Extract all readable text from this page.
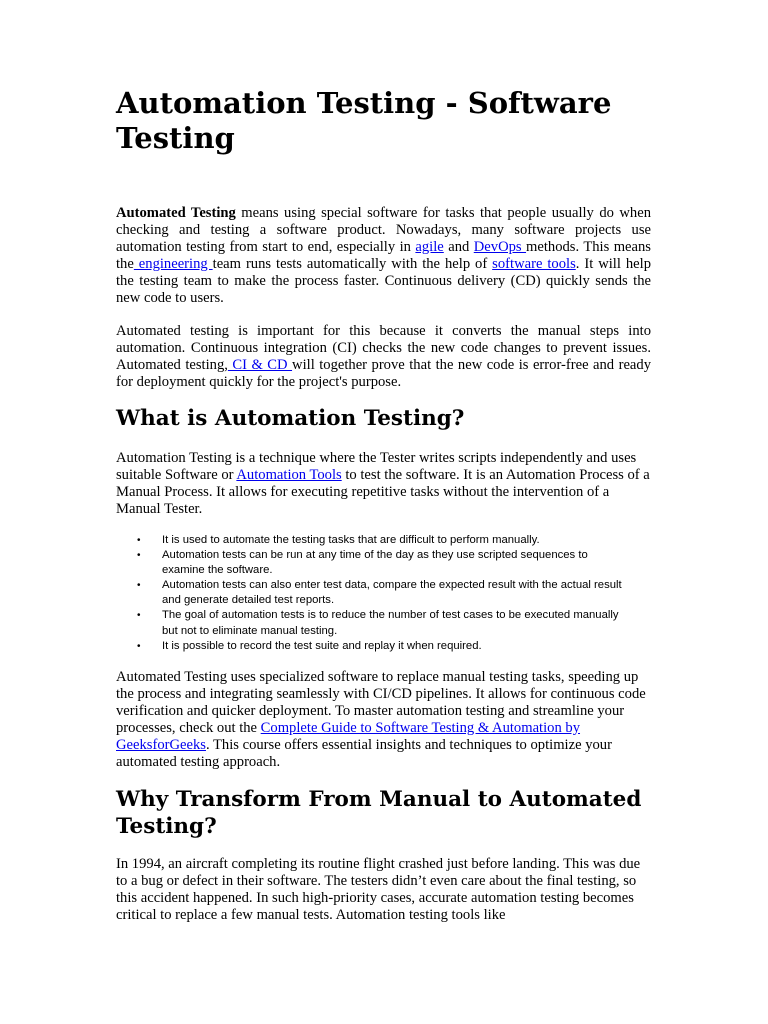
Automation Testing - Software Testing

Automated Testing means using special software for tasks that people usually do when checking and testing a software product. Nowadays, many software projects use automation testing from start to end, especially in agile and DevOps methods. This means the engineering team runs tests automatically with the help of software tools. It will help the testing team to make the process faster. Continuous delivery (CD) quickly sends the new code to users.

Automated testing is important for this because it converts the manual steps into automation. Continuous integration (CI) checks the new code changes to prevent issues. Automated testing, CI & CD will together prove that the new code is error-free and ready for deployment quickly for the project's purpose.

What is Automation Testing?

Automation Testing is a technique where the Tester writes scripts independently and uses suitable Software or Automation Tools to test the software. It is an Automation Process of a Manual Process. It allows for executing repetitive tasks without the intervention of a Manual Tester.

• It is used to automate the testing tasks that are difficult to perform manually.
• Automation tests can be run at any time of the day as they use scripted sequences to
examine the software.
• Automation tests can also enter test data, compare the expected result with the actual result
and generate detailed test reports.
• The goal of automation tests is to reduce the number of test cases to be executed manually
but not to eliminate manual testing.
• It is possible to record the test suite and replay it when required.

Automated Testing uses specialized software to replace manual testing tasks, speeding up the process and integrating seamlessly with CI/CD pipelines. It allows for continuous code verification and quicker deployment. To master automation testing and streamline your processes, check out the Complete Guide to Software Testing & Automation by GeeksforGeeks. This course offers essential insights and techniques to optimize your automated testing approach.

Why Transform From Manual to Automated Testing?

In 1994, an aircraft completing its routine flight crashed just before landing. This was due to a bug or defect in their software. The testers didn’t even care about the final testing, so this accident happened. In such high-priority cases, accurate automation testing becomes critical to replace a few manual tests. Automation testing tools like
